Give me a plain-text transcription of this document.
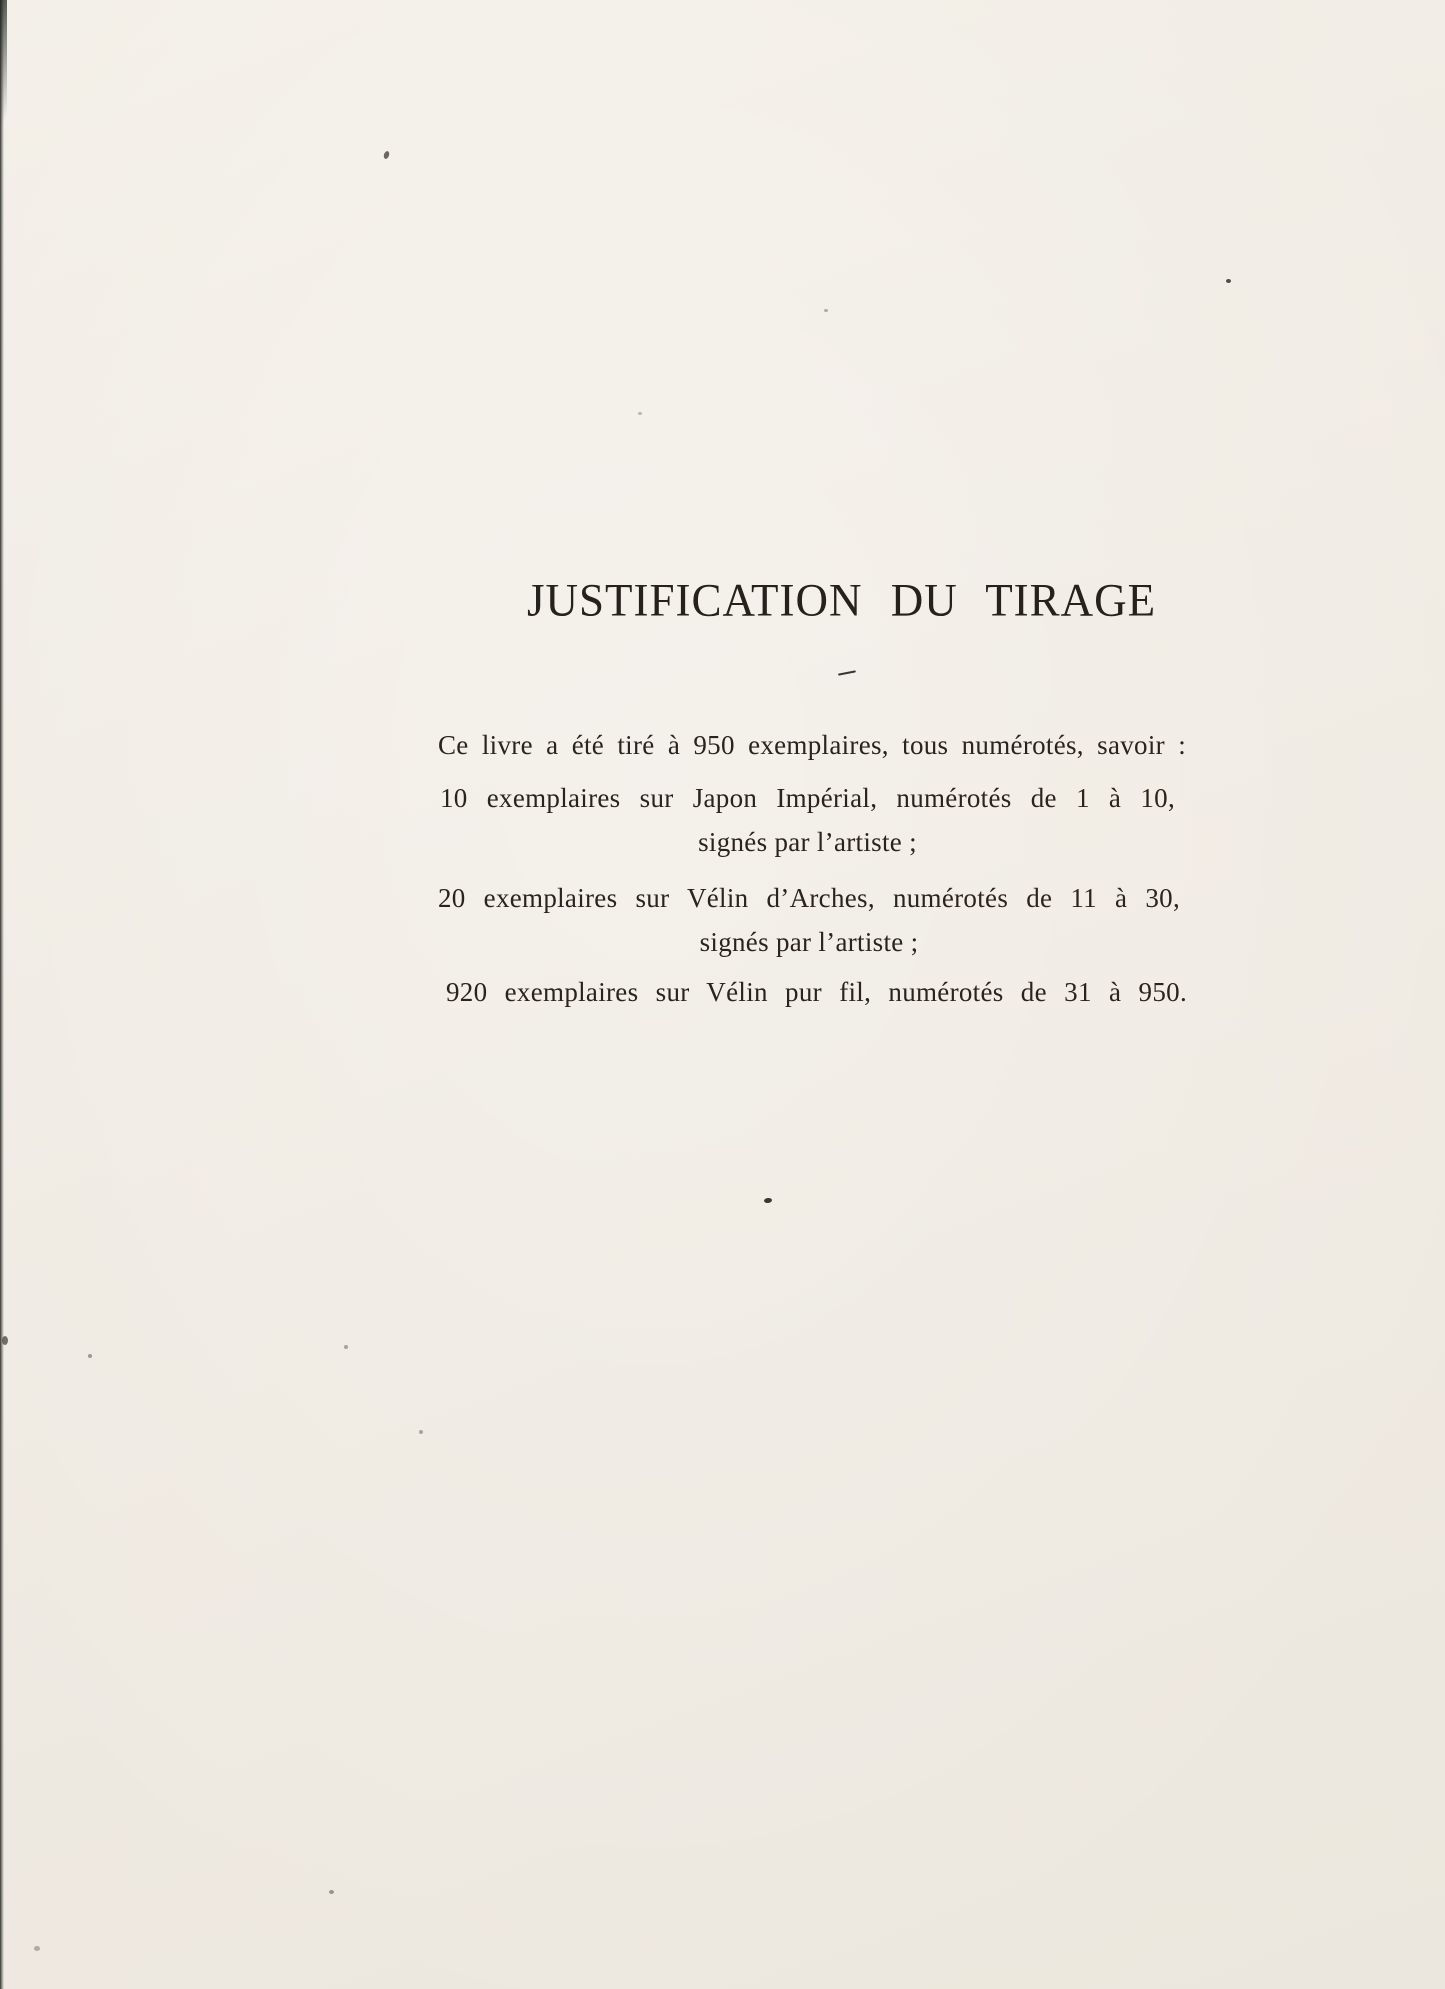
JUSTIFICATION DU TIRAGE

Ce livre a été tiré à 950 exemplaires, tous numérotés, savoir :

10 exemplaires sur Japon Impérial, numérotés de 1 à 10,

signés par l’artiste ;

20 exemplaires sur Vélin d’Arches, numérotés de 11 à 30,

signés par l’artiste ;

920 exemplaires sur Vélin pur fil, numérotés de 31 à 950.
